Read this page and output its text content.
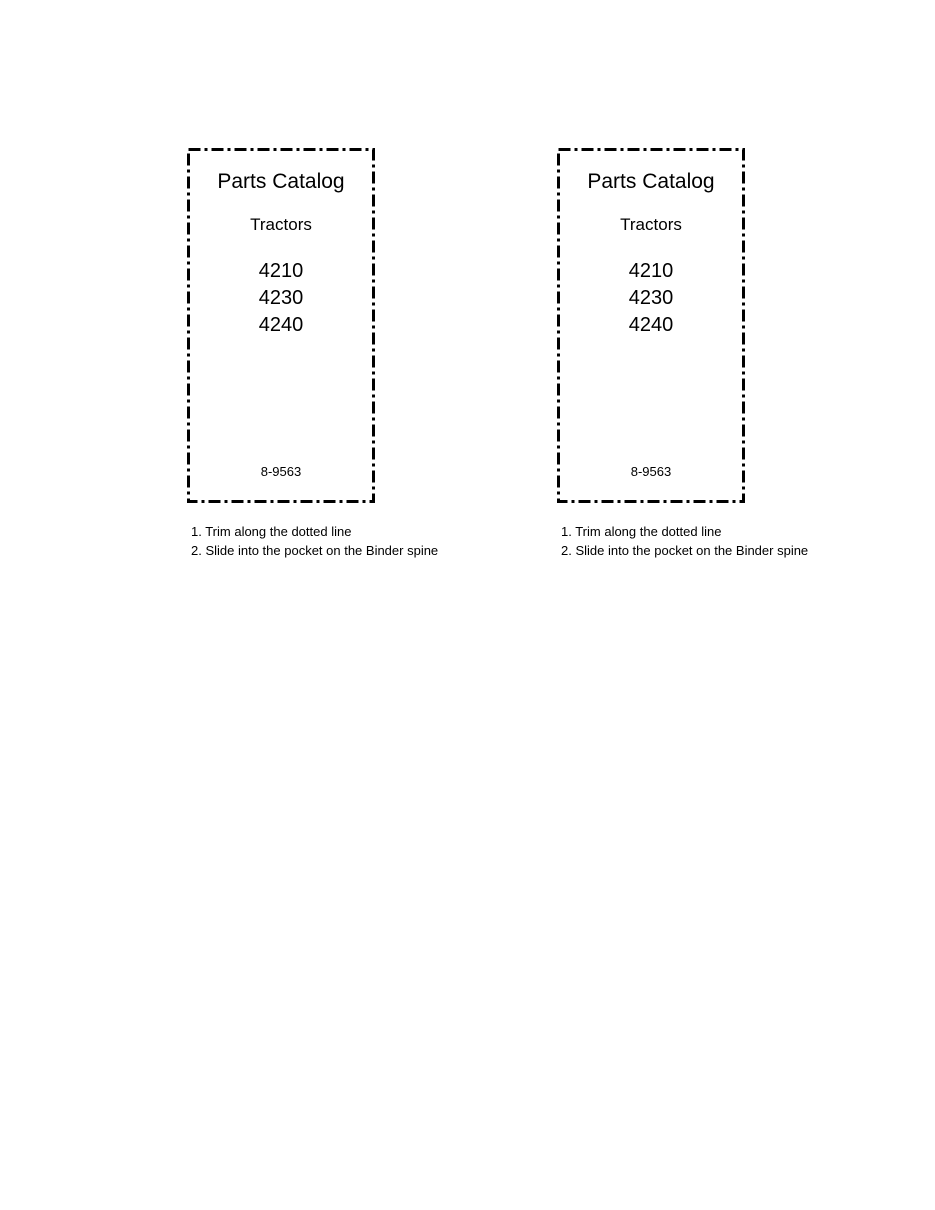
Parts Catalog
Tractors
4210
4230
4240
8-9563
1. Trim along the dotted line
2. Slide into the pocket on the Binder spine
Parts Catalog
Tractors
4210
4230
4240
8-9563
1. Trim along the dotted line
2. Slide into the pocket on the Binder spine
